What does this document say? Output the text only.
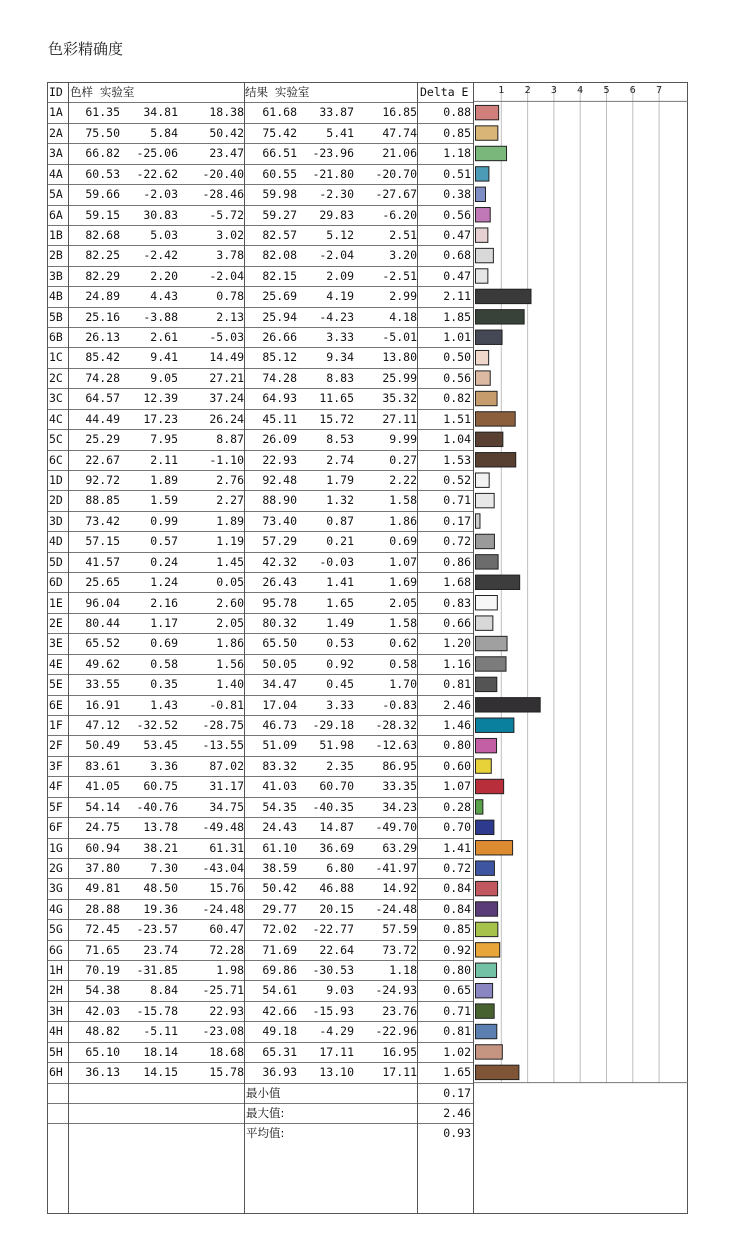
色彩精确度
ID 色样 实验室	结果 实验室	Delta E
1A	61.35	34.81	18.38	61.68	33.87	16.85	0.88
2A	75.50	5.84	50.42	75.42	5.41	47.74	0.85
3A	66.82	-25.06	23.47	66.51	-23.96	21.06	1.18
4A	60.53	-22.62	-20.40	60.55	-21.80	-20.70	0.51
5A	59.66	-2.03	-28.46	59.98	-2.30	-27.67	0.38
6A	59.15	30.83	-5.72	59.27	29.83	-6.20	0.56
1B	82.68	5.03	3.02	82.57	5.12	2.51	0.47
2B	82.25	-2.42	3.78	82.08	-2.04	3.20	0.68
3B	82.29	2.20	-2.04	82.15	2.09	-2.51	0.47
4B	24.89	4.43	0.78	25.69	4.19	2.99	2.11
5B	25.16	-3.88	2.13	25.94	-4.23	4.18	1.85
6B	26.13	2.61	-5.03	26.66	3.33	-5.01	1.01
1C	85.42	9.41	14.49	85.12	9.34	13.80	0.50
2C	74.28	9.05	27.21	74.28	8.83	25.99	0.56
3C	64.57	12.39	37.24	64.93	11.65	35.32	0.82
4C	44.49	17.23	26.24	45.11	15.72	27.11	1.51
5C	25.29	7.95	8.87	26.09	8.53	9.99	1.04
6C	22.67	2.11	-1.10	22.93	2.74	0.27	1.53
1D	92.72	1.89	2.76	92.48	1.79	2.22	0.52
2D	88.85	1.59	2.27	88.90	1.32	1.58	0.71
3D	73.42	0.99	1.89	73.40	0.87	1.86	0.17
4D	57.15	0.57	1.19	57.29	0.21	0.69	0.72
5D	41.57	0.24	1.45	42.32	-0.03	1.07	0.86
6D	25.65	1.24	0.05	26.43	1.41	1.69	1.68
1E	96.04	2.16	2.60	95.78	1.65	2.05	0.83
2E	80.44	1.17	2.05	80.32	1.49	1.58	0.66
3E	65.52	0.69	1.86	65.50	0.53	0.62	1.20
4E	49.62	0.58	1.56	50.05	0.92	0.58	1.16
5E	33.55	0.35	1.40	34.47	0.45	1.70	0.81
6E	16.91	1.43	-0.81	17.04	3.33	-0.83	2.46
1F	47.12	-32.52	-28.75	46.73	-29.18	-28.32	1.46
2F	50.49	53.45	-13.55	51.09	51.98	-12.63	0.80
3F	83.61	3.36	87.02	83.32	2.35	86.95	0.60
4F	41.05	60.75	31.17	41.03	60.70	33.35	1.07
5F	54.14	-40.76	34.75	54.35	-40.35	34.23	0.28
6F	24.75	13.78	-49.48	24.43	14.87	-49.70	0.70
1G	60.94	38.21	61.31	61.10	36.69	63.29	1.41
2G	37.80	7.30	-43.04	38.59	6.80	-41.97	0.72
3G	49.81	48.50	15.76	50.42	46.88	14.92	0.84
4G	28.88	19.36	-24.48	29.77	20.15	-24.48	0.84
5G	72.45	-23.57	60.47	72.02	-22.77	57.59	0.85
6G	71.65	23.74	72.28	71.69	22.64	73.72	0.92
1H	70.19	-31.85	1.98	69.86	-30.53	1.18	0.80
2H	54.38	8.84	-25.71	54.61	9.03	-24.93	0.65
3H	42.03	-15.78	22.93	42.66	-15.93	23.76	0.71
4H	48.82	-5.11	-23.08	49.18	-4.29	-22.96	0.81
5H	65.10	18.14	18.68	65.31	17.11	16.95	1.02
6H	36.13	14.15	15.78	36.93	13.10	17.11	1.65
最小值	0.17
最大值:	2.46
平均值:	0.93
1 2 3 4 5 6 7
